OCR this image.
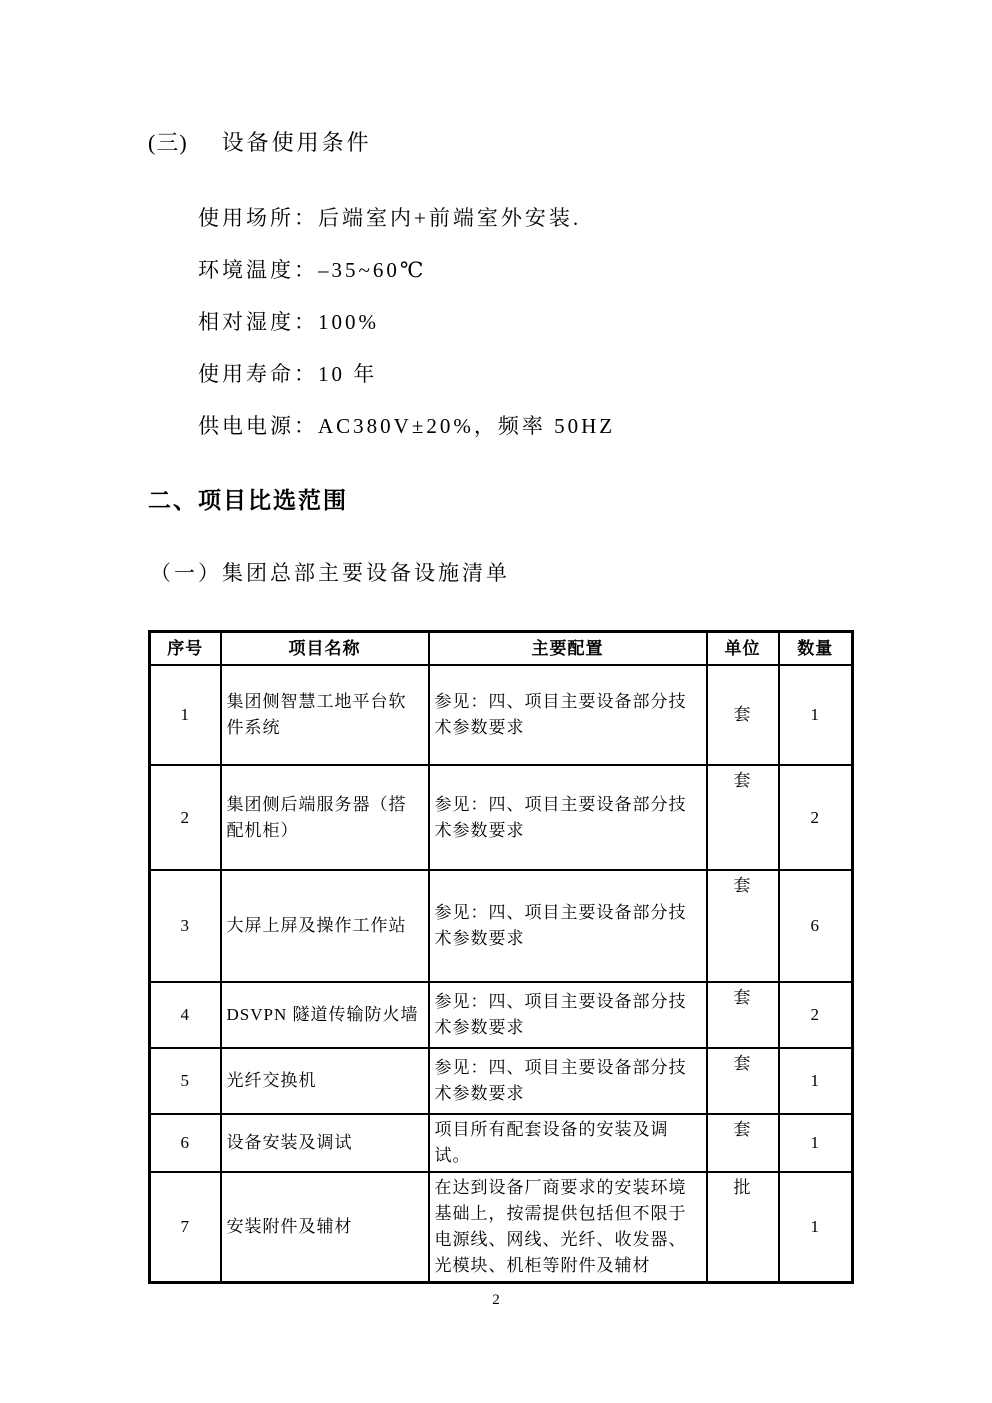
(三) 设备使用条件
使用场所：后端室内+前端室外安装.
环境温度：–35~60℃
相对湿度：100%
使用寿命：10 年
供电电源：AC380V±20%，频率 50HZ
二、项目比选范围
（一）集团总部主要设备设施清单
序号	项目名称	主要配置	单位	数量
1	集团侧智慧工地平台软件系统	参见：四、项目主要设备部分技术参数要求	套	1
2	集团侧后端服务器（搭配机柜）	参见：四、项目主要设备部分技术参数要求	套	2
3	大屏上屏及操作工作站	参见：四、项目主要设备部分技术参数要求	套	6
4	DSVPN 隧道传输防火墙	参见：四、项目主要设备部分技术参数要求	套	2
5	光纤交换机	参见：四、项目主要设备部分技术参数要求	套	1
6	设备安装及调试	项目所有配套设备的安装及调试。	套	1
7	安装附件及辅材	在达到设备厂商要求的安装环境基础上，按需提供包括但不限于电源线、网线、光纤、收发器、光模块、机柜等附件及辅材	批	1
2
